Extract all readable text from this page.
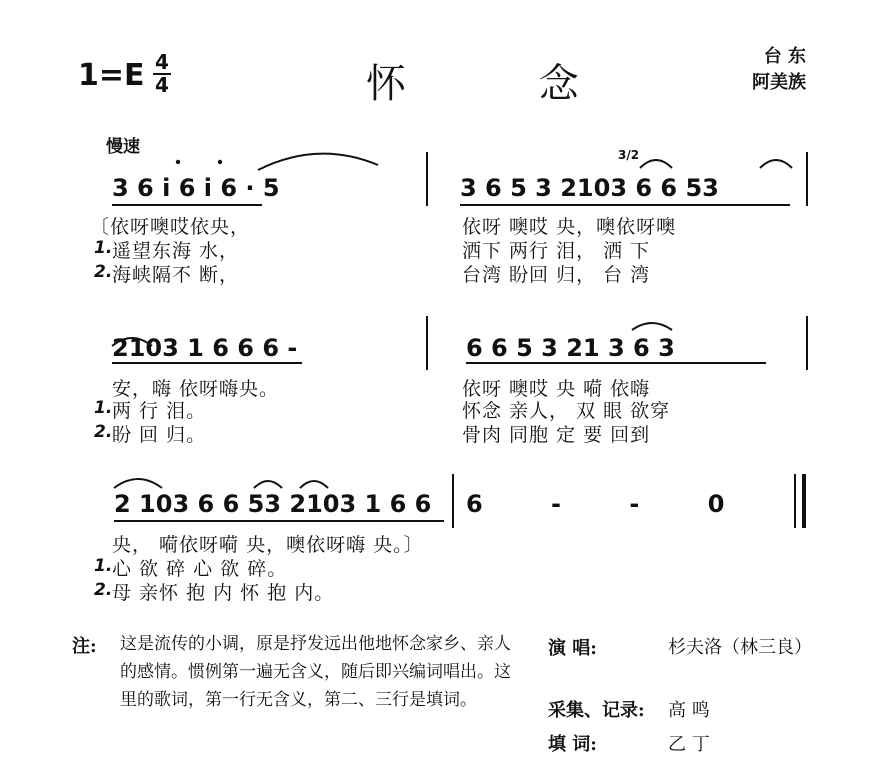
1=E 4
4	怀 念
台 东
阿美族
慢速
3 6 i 6 i 6 · 5
3/2
3 6 5 3 2103 6 6 53
〔依呀噢哎依央，	依呀 噢哎 央，噢依呀噢
1. 遥望东海 水，	洒下 两行 泪， 洒 下
2. 海峡隔不 断，	台湾 盼回 归， 台 湾
2103 1 6 6 6 -	6 6 5 3 21 3 6 3
安，嗨 依呀嗨央。	依呀 噢哎 央 嗬 依嗨
1. 两 行 泪。	怀念 亲人， 双 眼 欲穿
2. 盼 回 归。	骨肉 同胞 定 要 回到
2 103 6 6 53 2103 1 6 6 6 - - 0
央， 嗬依呀嗬 央，噢依呀嗨 央。〕
1. 心 欲 碎 心 欲 碎。
2. 母 亲怀 抱 内 怀 抱 内。
注: 这是流传的小调，原是抒发远出他地怀念家乡、亲人的感情。惯例第一遍无含义，随后即兴编词唱出。这里的歌词，第一行无含义，第二、三行是填词。
演 唱:	杉夫洛（林三良）
采集、记录: 高 鸣
填 词:	乙 丁
